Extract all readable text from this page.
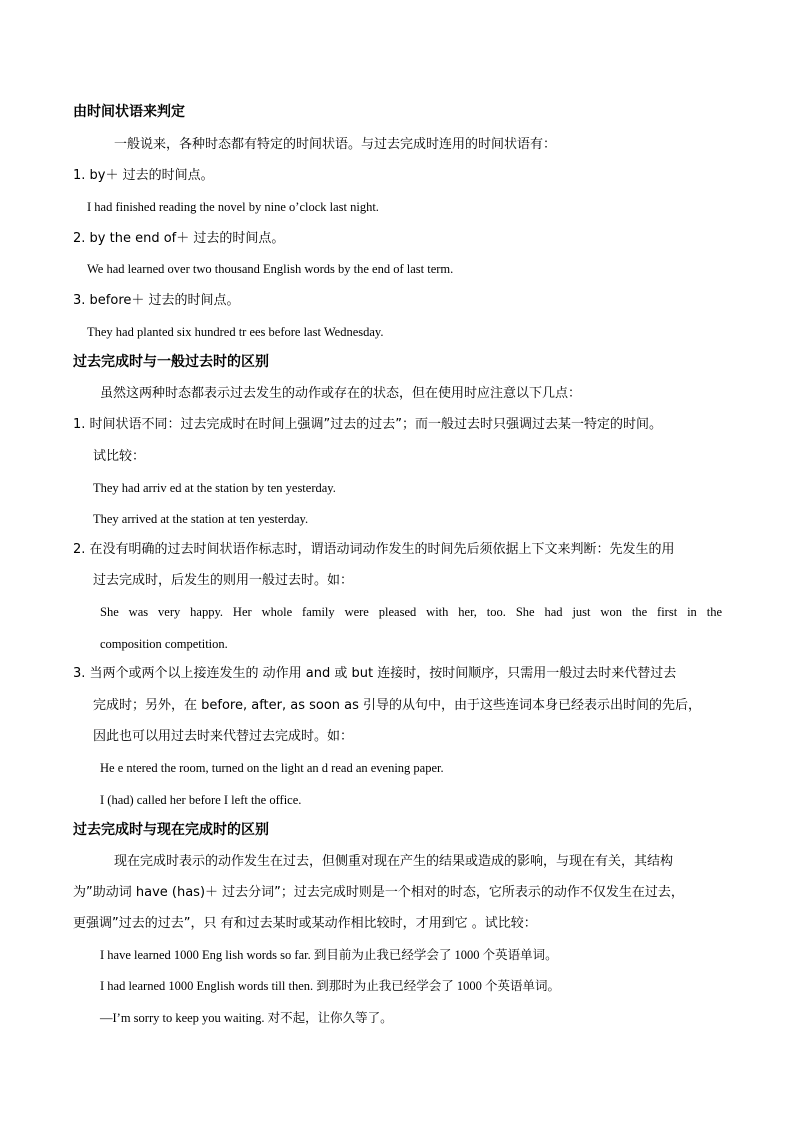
由时间状语来判定
一般说来，各种时态都有特定的时间状语。与过去完成时连用的时间状语有：
1. by＋ 过去的时间点。
I had finished reading the novel by nine o’clock last night.
2. by the end of＋ 过去的时间点。
We had learned over two thousand English words by the end of last term.
3. before＋ 过去的时间点。
They had planted six hundred tr ees before last Wednesday.
过去完成时与一般过去时的区别
虽然这两种时态都表示过去发生的动作或存在的状态，但在使用时应注意以下几点：
1. 时间状语不同：过去完成时在时间上强调”过去的过去”；而一般过去时只强调过去某一特定的时间。
试比较：
They had arriv ed at the station by ten yesterday.
They arrived at the station at ten yesterday.
2. 在没有明确的过去时间状语作标志时，谓语动词动作发生的时间先后须依据上下文来判断：先发生的用
过去完成时，后发生的则用一般过去时。如：
She was very happy. Her whole family were pleased with her, too. She had just won the first in the
composition competition.
3. 当两个或两个以上接连发生的 动作用 and 或 but 连接时，按时间顺序，只需用一般过去时来代替过去
完成时；另外，在 before, after, as soon as 引导的从句中，由于这些连词本身已经表示出时间的先后，
因此也可以用过去时来代替过去完成时。如：
He e ntered the room, turned on the light an d read an evening paper.
I (had) called her before I left the office.
过去完成时与现在完成时的区别
现在完成时表示的动作发生在过去，但侧重对现在产生的结果或造成的影响，与现在有关，其结构
为”助动词 have (has)＋ 过去分词”；过去完成时则是一个相对的时态，它所表示的动作不仅发生在过去，
更强调”过去的过去”，只 有和过去某时或某动作相比较时，才用到它 。试比较：
I have learned 1000 Eng lish words so far. 到目前为止我已经学会了 1000 个英语单词。
I had learned 1000 English words till then. 到那时为止我已经学会了 1000 个英语单词。
—I’m sorry to keep you waiting. 对不起，让你久等了。
